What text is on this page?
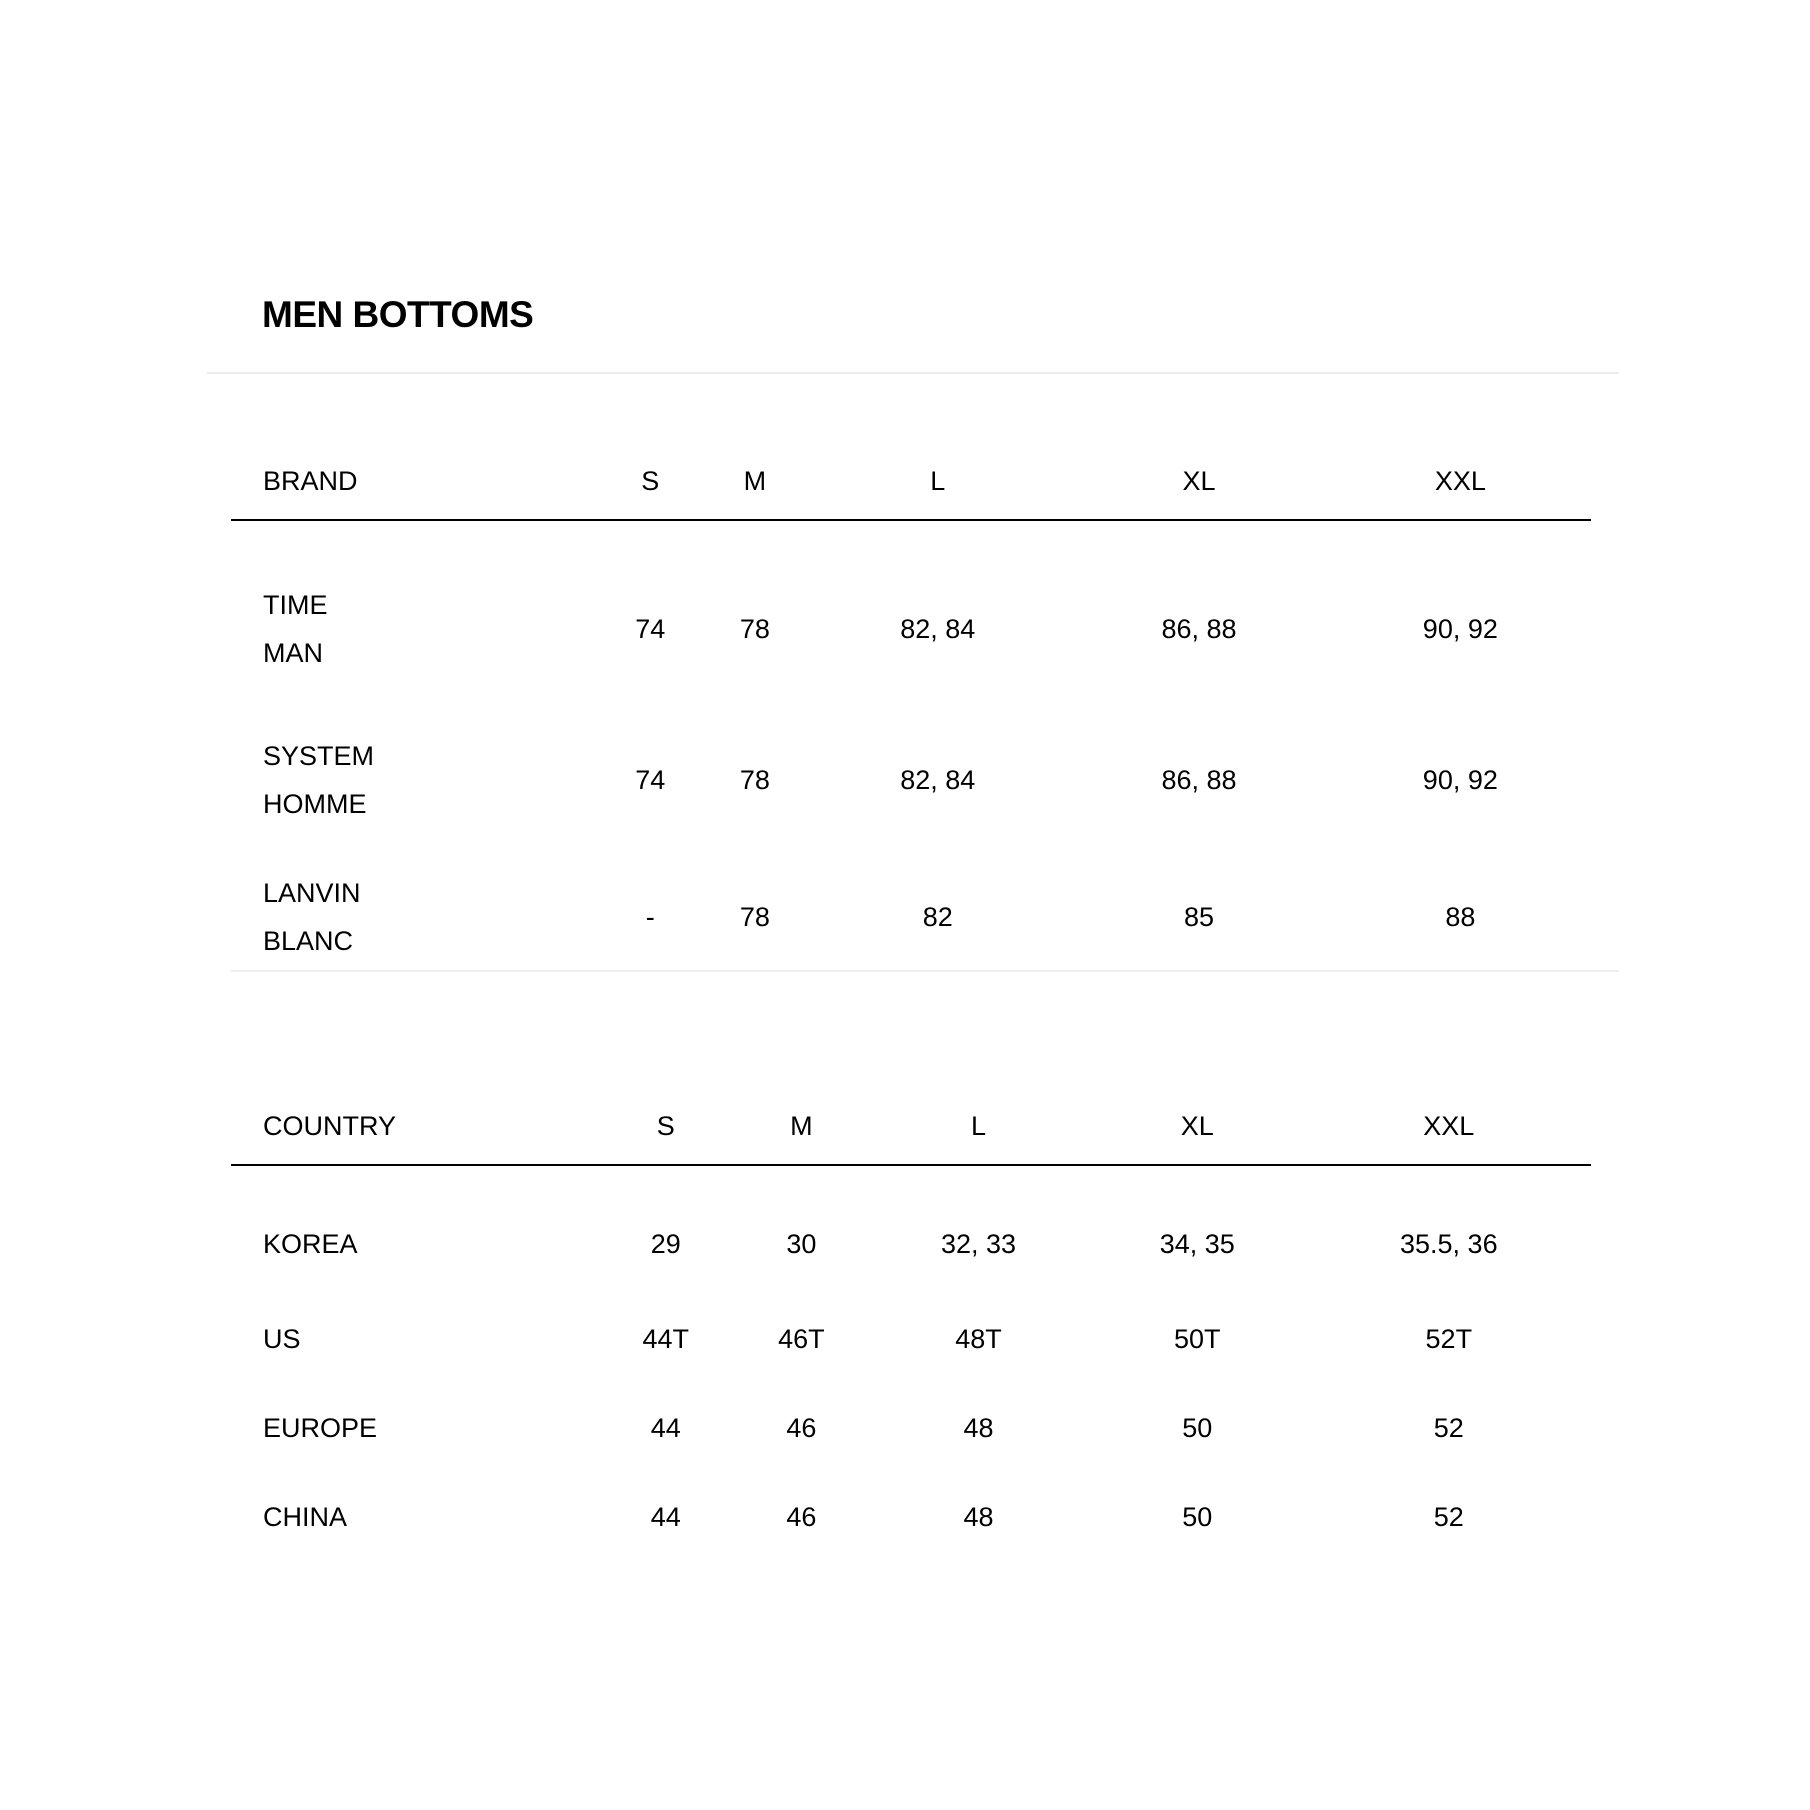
MEN BOTTOMS
BRAND	S	M	L	XL	XXL

TIME
MAN	74	78	82, 84	86, 88	90, 92

SYSTEM
HOMME	74	78	82, 84	86, 88	90, 92

LANVIN
BLANC	-	78	82	85	88
COUNTRY	S	M	L	XL	XXL
KOREA	29	30	32, 33	34, 35	35.5, 36
US	44T	46T	48T	50T	52T
EUROPE	44	46	48	50	52
CHINA	44	46	48	50	52
